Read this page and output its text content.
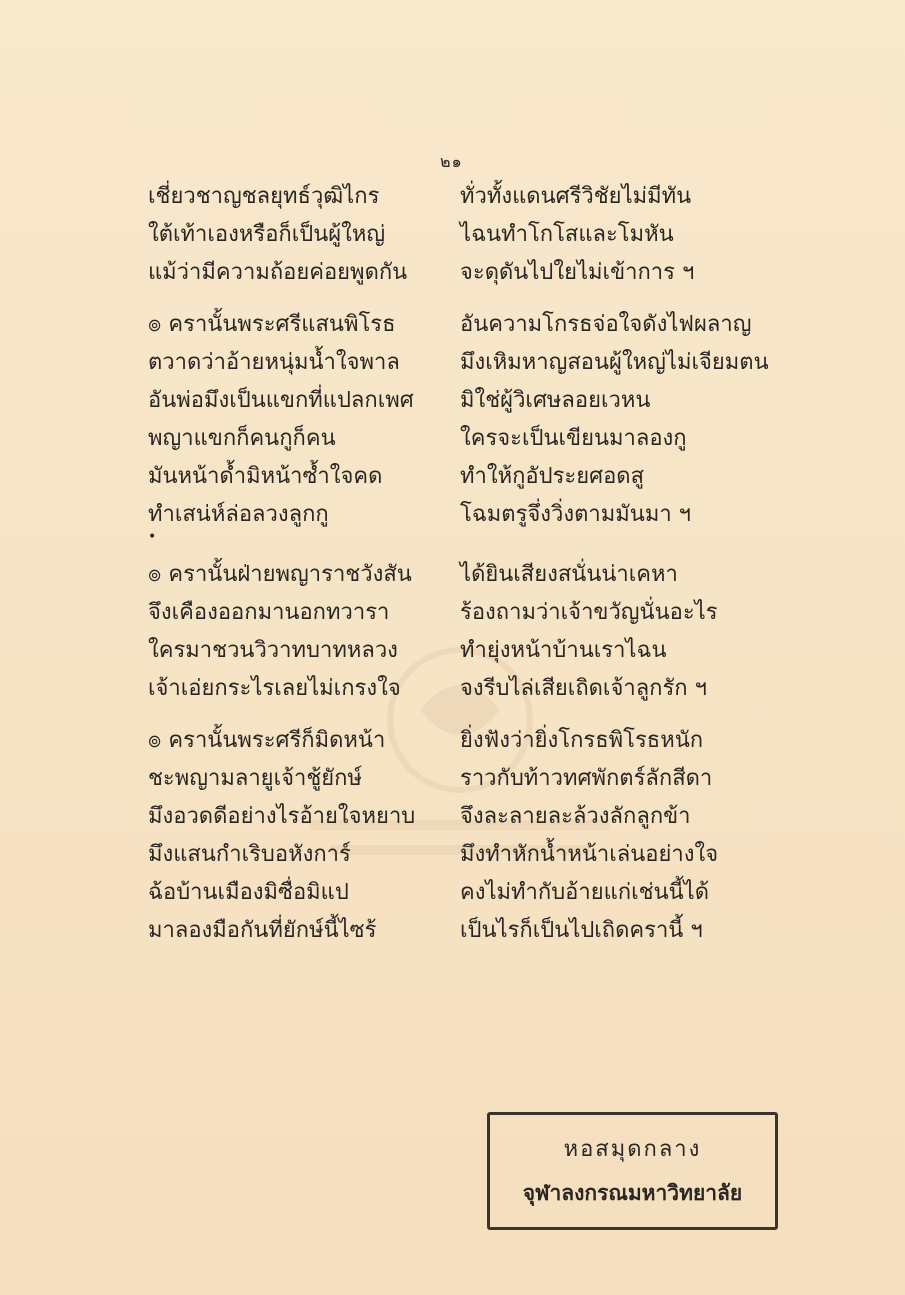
๒๑
เชี่ยวชาญชลยุทธ์วุฒิไกร
ใต้เท้าเองหรือก็เป็นผู้ใหญ่
แม้ว่ามีความถ้อยค่อยพูดกัน
๏ ครานั้นพระศรีแสนพิโรธ
ตวาดว่าอ้ายหนุ่มน้ำใจพาล
อันพ่อมึงเป็นแขกที่แปลกเพศ
พญาแขกก็คนกูก็คน
มันหน้าด้ำมิหน้าซ้ำใจคด
ทำเสน่ห์ล่อลวงลูกกู
•
๏ ครานั้นฝ่ายพญาราชวังสัน
จึงเคืองออกมานอกทวารา
ใครมาชวนวิวาทบาทหลวง
เจ้าเอ่ยกระไรเลยไม่เกรงใจ
๏ ครานั้นพระศรีก็มิดหน้า
ชะพญามลายูเจ้าชู้ยักษ์
มึงอวดดีอย่างไรอ้ายใจหยาบ
มึงแสนกำเริบอหังการ์
ฉ้อบ้านเมืองมิซื่อมิแป
มาลองมือกันที่ยักษ์นี้ไซร้
ทั่วทั้งแดนศรีวิชัยไม่มีทัน
ไฉนทำโกโสและโมหัน
จะดุดันไปใยไม่เข้าการ ฯ
อันความโกรธจ่อใจดังไฟผลาญ
มึงเหิมหาญสอนผู้ใหญ่ไม่เจียมตน
มิใช่ผู้วิเศษลอยเวหน
ใครจะเป็นเขียนมาลองกู
ทำให้กูอัประยศอดสู
โฉมตรูจึ่งวิ่งตามมันมา ฯ
ได้ยินเสียงสนั่นน่าเคหา
ร้องถามว่าเจ้าขวัญนั่นอะไร
ทำยุ่งหน้าบ้านเราไฉน
จงรีบไล่เสียเถิดเจ้าลูกรัก ฯ
ยิ่งฟังว่ายิ่งโกรธพิโรธหนัก
ราวกับท้าวทศพักตร์ลักสีดา
จึงละลายละล้วงลักลูกข้า
มึงทำหักน้ำหน้าเล่นอย่างใจ
คงไม่ทำกับอ้ายแก่เช่นนี้ได้
เป็นไรก็เป็นไปเถิดครานี้ ฯ
หอสมุดกลาง
จุฬาลงกรณมหาวิทยาลัย
